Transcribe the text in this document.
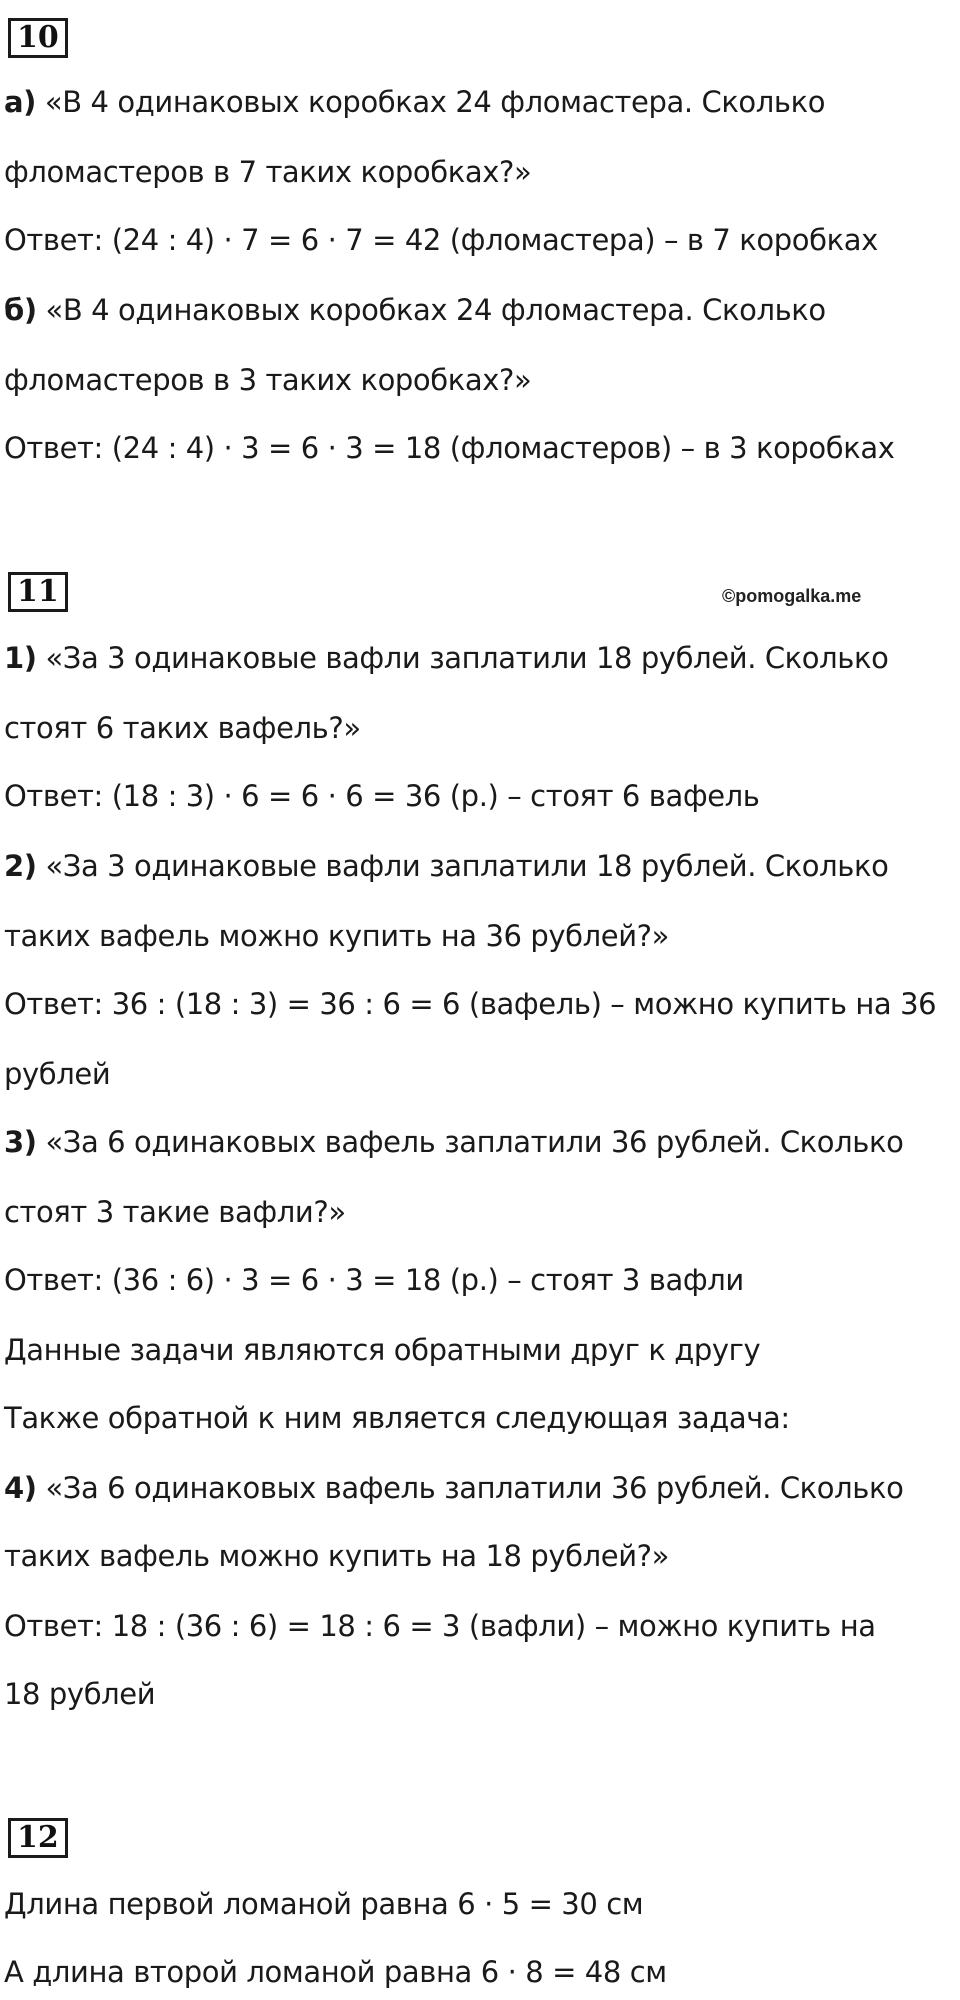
10
а) «В 4 одинаковых коробках 24 фломастера. Сколько
фломастеров в 7 таких коробках?»
Ответ: (24 : 4) · 7 = 6 · 7 = 42 (фломастера) – в 7 коробках
б) «В 4 одинаковых коробках 24 фломастера. Сколько
фломастеров в 3 таких коробках?»
Ответ: (24 : 4) · 3 = 6 · 3 = 18 (фломастеров) – в 3 коробках
11	©pomogalka.me
1) «За 3 одинаковые вафли заплатили 18 рублей. Сколько
стоят 6 таких вафель?»
Ответ: (18 : 3) · 6 = 6 · 6 = 36 (р.) – стоят 6 вафель
2) «За 3 одинаковые вафли заплатили 18 рублей. Сколько
таких вафель можно купить на 36 рублей?»
Ответ: 36 : (18 : 3) = 36 : 6 = 6 (вафель) – можно купить на 36
рублей
3) «За 6 одинаковых вафель заплатили 36 рублей. Сколько
стоят 3 такие вафли?»
Ответ: (36 : 6) · 3 = 6 · 3 = 18 (р.) – стоят 3 вафли
Данные задачи являются обратными друг к другу
Также обратной к ним является следующая задача:
4) «За 6 одинаковых вафель заплатили 36 рублей. Сколько
таких вафель можно купить на 18 рублей?»
Ответ: 18 : (36 : 6) = 18 : 6 = 3 (вафли) – можно купить на
18 рублей
12
Длина первой ломаной равна 6 · 5 = 30 см
А длина второй ломаной равна 6 · 8 = 48 см
